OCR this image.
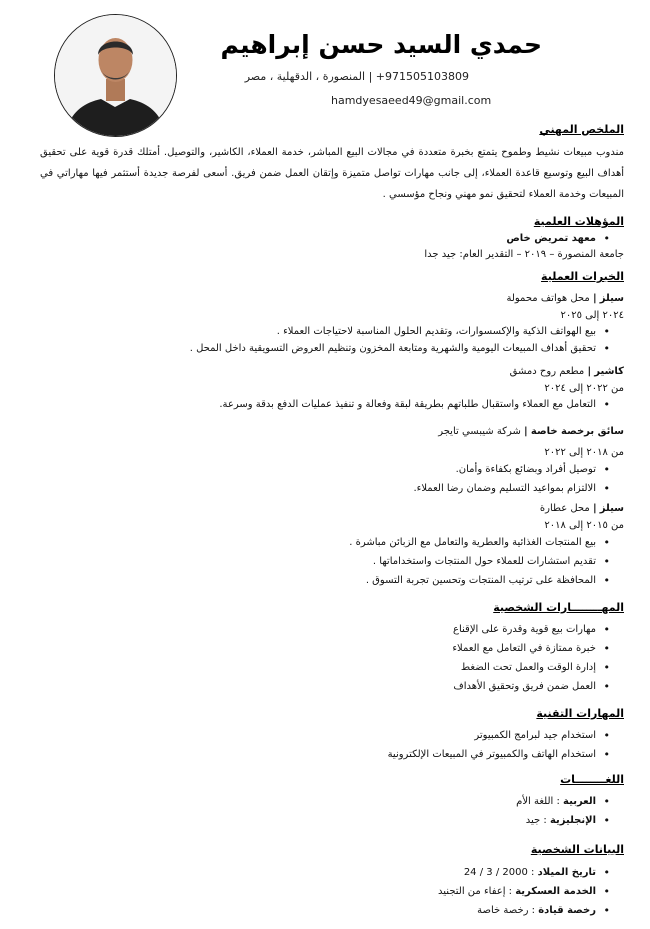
حمدي السيد حسن إبراهيم
+971505103809 | المنصورة ، الدقهلية ، مصر
hamdyesaeed49@gmail.com
الملخص المهني

مندوب مبيعات نشيط وطموح يتمتع بخبرة متعددة في مجالات البيع المباشر، خدمة العملاء، الكاشير، والتوصيل. أمتلك قدرة قوية على تحقيق أهداف البيع وتوسيع قاعدة العملاء، إلى جانب مهارات تواصل متميزة وإتقان العمل ضمن فريق. أسعى لفرصة جديدة أستثمر فيها مهاراتي في المبيعات وخدمة العملاء لتحقيق نمو مهني ونجاح مؤسسي .

المؤهلات العلمية
• معهد تمريض خاص
جامعة المنصورة – ٢٠١٩ – التقدير العام: جيد جدا
الخبرات العملية
سيلز | محل هواتف محمولة
٢٠٢٤ إلى ٢٠٢٥
• بيع الهواتف الذكية والإكسسوارات، وتقديم الحلول المناسبة لاحتياجات العملاء .
• تحقيق أهداف المبيعات اليومية والشهرية ومتابعة المخزون وتنظيم العروض التسويقية داخل المحل .
كاشير | مطعم روح دمشق
من ٢٠٢٢ إلى ٢٠٢٤
• التعامل مع العملاء واستقبال طلباتهم بطريقة لبقة وفعالة و تنفيذ عمليات الدفع بدقة وسرعة.
سائق برخصة خاصة | شركة شيبسي تايجر
من ٢٠١٨ إلى ٢٠٢٢
• توصيل أفراد وبضائع بكفاءة وأمان.
• الالتزام بمواعيد التسليم وضمان رضا العملاء.
سيلز | محل عطارة
من ٢٠١٥ إلى ٢٠١٨
• بيع المنتجات الغذائية والعطرية والتعامل مع الزبائن مباشرة .
• تقديم استشارات للعملاء حول المنتجات واستخداماتها .
• المحافظة على ترتيب المنتجات وتحسين تجربة التسوق .
المهــــــــارات الشخصية
• مهارات بيع قوية وقدرة على الإقناع
• خبرة ممتازة في التعامل مع العملاء
• إدارة الوقت والعمل تحت الضغط
• العمل ضمن فريق وتحقيق الأهداف
المهارات التقنية
• استخدام جيد لبرامج الكمبيوتر
• استخدام الهاتف والكمبيوتر في المبيعات الإلكترونية
اللغــــــــات
• العربية : اللغة الأم
• الإنجليزية : جيد
البيانات الشخصية
• تاريخ الميلاد : 2000 / 3 / 24
• الخدمة العسكرية : إعفاء من التجنيد
• رخصة قيادة : رخصة خاصة
